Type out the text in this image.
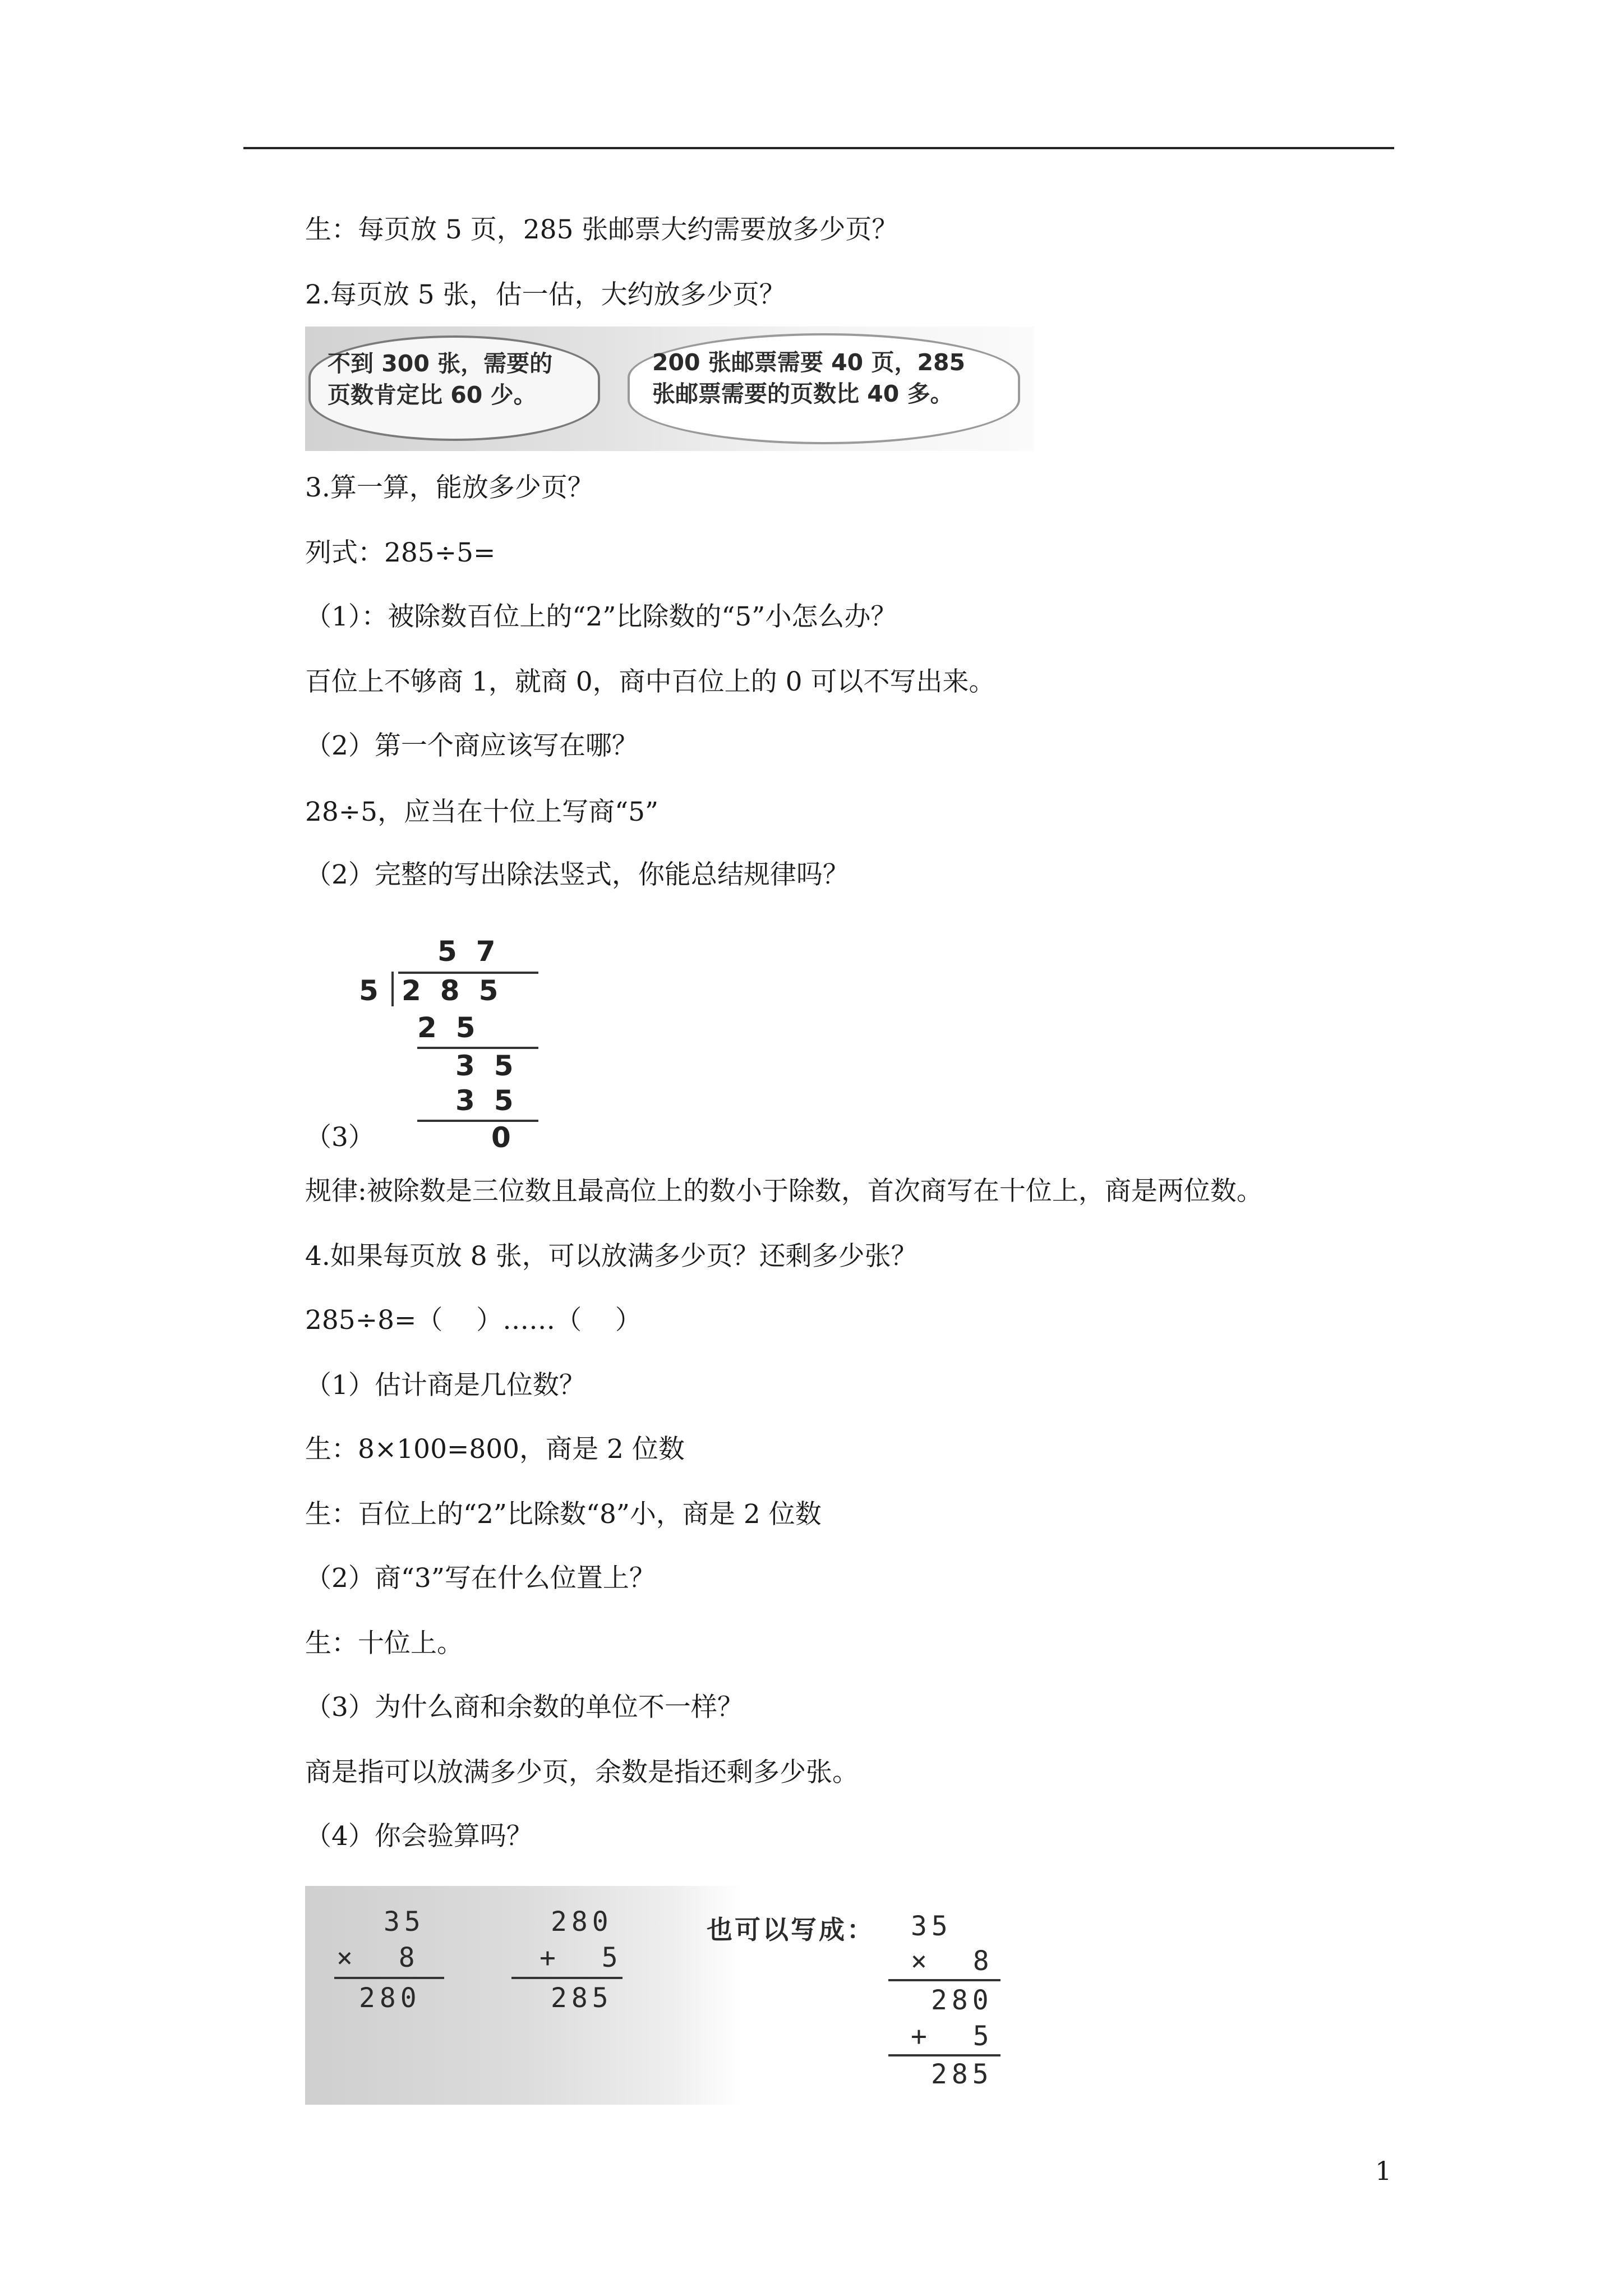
生：每页放 5 页，285 张邮票大约需要放多少页？
2.每页放 5 张，估一估，大约放多少页？
不到 300 张，需要的
页数肯定比 60 少。
200 张邮票需要 40 页，285
张邮票需要的页数比 40 多。
3.算一算，能放多少页？
列式：285÷5=
（1）：被除数百位上的“2”比除数的“5”小怎么办？
百位上不够商 1，就商 0，商中百位上的 0 可以不写出来。
（2）第一个商应该写在哪？
28÷5，应当在十位上写商“5”
（2）完整的写出除法竖式，你能总结规律吗？
（3）
57
5 285
25
35
35
0
规律:被除数是三位数且最高位上的数小于除数，首次商写在十位上，商是两位数。
4.如果每页放 8 张，可以放满多少页？还剩多少张？
285÷8=（    ）……（    ）
（1）估计商是几位数？
生：8×100=800，商是 2 位数
生：百位上的“2”比除数“8”小，商是 2 位数
（2）商“3”写在什么位置上？
生：十位上。
（3）为什么商和余数的单位不一样？
商是指可以放满多少页，余数是指还剩多少张。
（4）你会验算吗？
35
×  8
280
280
+  5
285
也可以写成： 35
×  8
280
+  5
285
1
